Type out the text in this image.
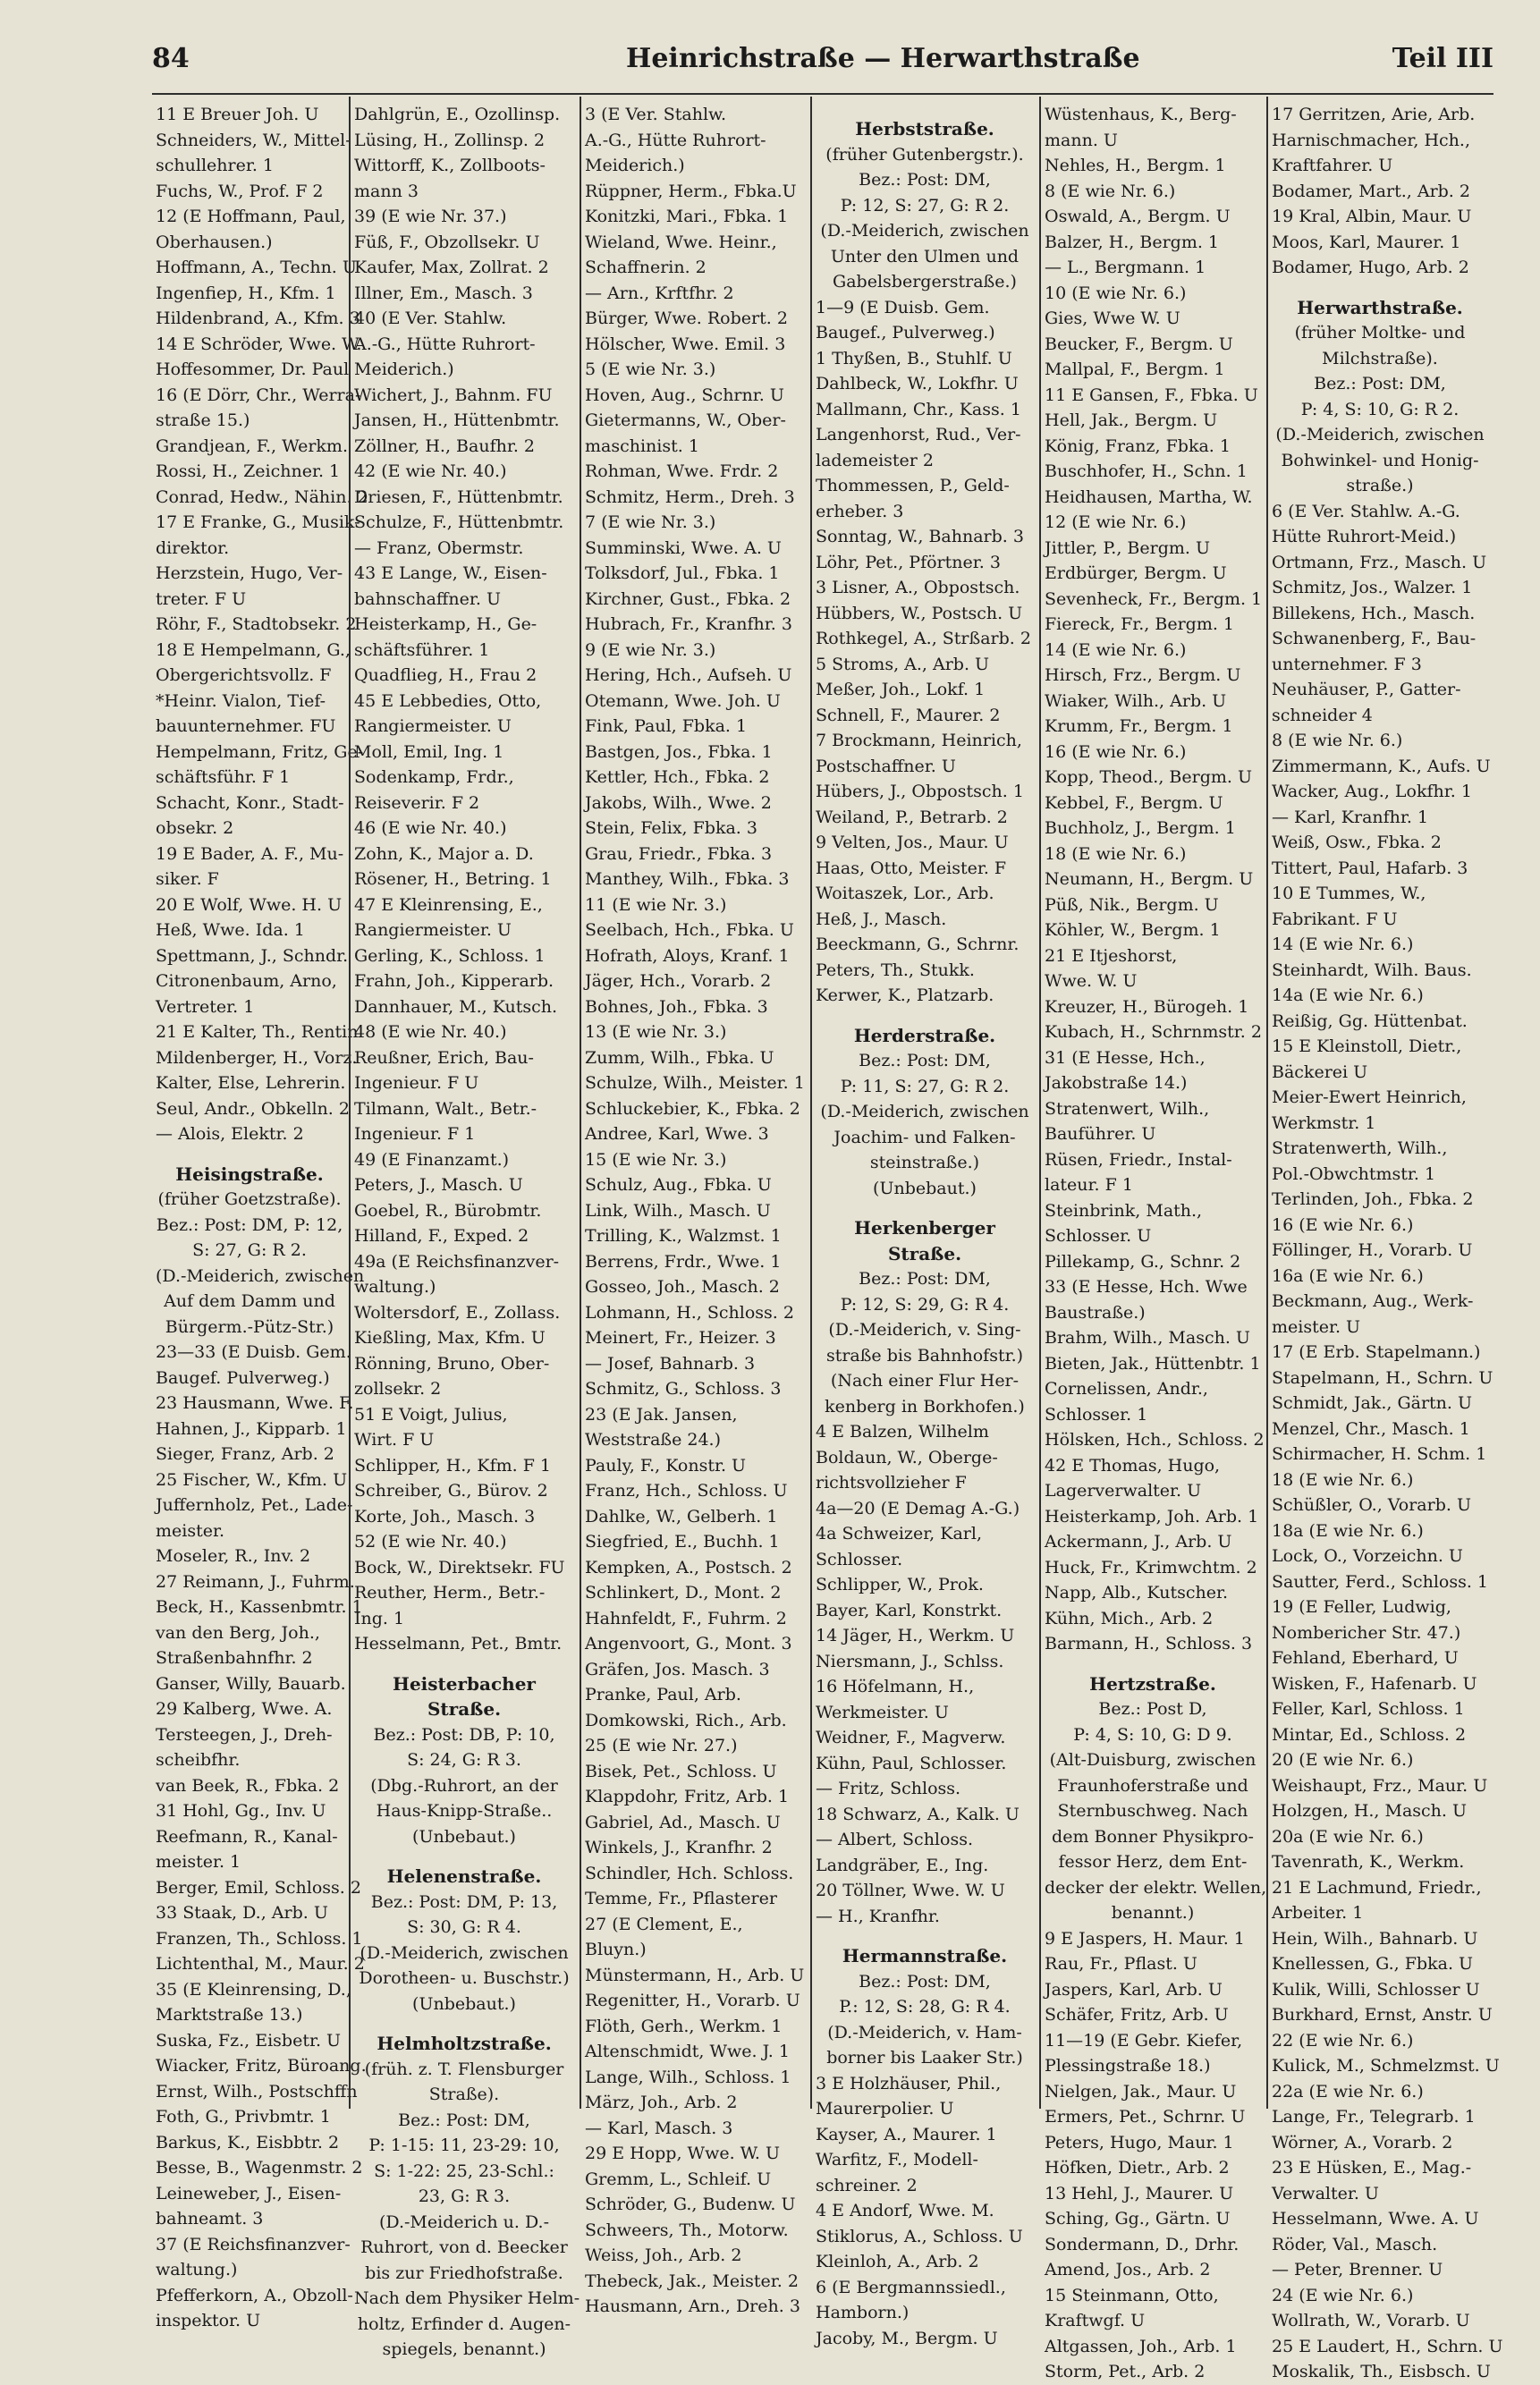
84	Heinrichstraße — Herwarthstraße	Teil III
11 E Breuer Joh. U
Schneiders, W., Mittel-
schullehrer. 1
Fuchs, W., Prof. F 2
12 (E Hoffmann, Paul,
Oberhausen.)
Hoffmann, A., Techn. U
Ingenfiep, H., Kfm. 1
Hildenbrand, A., Kfm. 3
14 E Schröder, Wwe. W.
Hoffesommer, Dr. Paul
16 (E Dörr, Chr., Werra-
straße 15.)
Grandjean, F., Werkm.
Rossi, H., Zeichner. 1
Conrad, Hedw., Nähin. 2
17 E Franke, G., Musik-
direktor.
Herzstein, Hugo, Ver-
treter. F U
Röhr, F., Stadtobsekr. 2
18 E Hempelmann, G.,
Obergerichtsvollz. F
*Heinr. Vialon, Tief-
bauunternehmer. FU
Hempelmann, Fritz, Ge-
schäftsführ. F 1
Schacht, Konr., Stadt-
obsekr. 2
19 E Bader, A. F., Mu-
siker. F
20 E Wolf, Wwe. H. U
Heß, Wwe. Ida. 1
Spettmann, J., Schndr.
Citronenbaum, Arno,
Vertreter. 1
21 E Kalter, Th., Rentin
Mildenberger, H., Vorz.
Kalter, Else, Lehrerin.
Seul, Andr., Obkelln. 2
— Alois, Elektr. 2
Heisingstraße.
(früher Goetzstraße).
Bez.: Post: DM, P: 12,
S: 27, G: R 2.
(D.-Meiderich, zwischen
Auf dem Damm und
Bürgerm.-Pütz-Str.)
23—33 (E Duisb. Gem.
Baugef. Pulverweg.)
23 Hausmann, Wwe. F.
Hahnen, J., Kipparb. 1
Sieger, Franz, Arb. 2
25 Fischer, W., Kfm. U
Juffernholz, Pet., Lade-
meister.
Moseler, R., Inv. 2
27 Reimann, J., Fuhrm.
Beck, H., Kassenbmtr. 1
van den Berg, Joh.,
Straßenbahnfhr. 2
Ganser, Willy, Bauarb.
29 Kalberg, Wwe. A.
Tersteegen, J., Dreh-
scheibfhr.
van Beek, R., Fbka. 2
31 Hohl, Gg., Inv. U
Reefmann, R., Kanal-
meister. 1
Berger, Emil, Schloss. 2
33 Staak, D., Arb. U
Franzen, Th., Schloss. 1
Lichtenthal, M., Maur. 2
35 (E Kleinrensing, D.,
Marktstraße 13.)
Suska, Fz., Eisbetr. U
Wiacker, Fritz, Büroang.
Ernst, Wilh., Postschffn
Foth, G., Privbmtr. 1
Barkus, K., Eisbbtr. 2
Besse, B., Wagenmstr. 2
Leineweber, J., Eisen-
bahneamt. 3
37 (E Reichsfinanzver-
waltung.)
Pfefferkorn, A., Obzoll-
inspektor. U
Dahlgrün, E., Ozollinsp.
Lüsing, H., Zollinsp. 2
Wittorff, K., Zollboots-
mann 3
39 (E wie Nr. 37.)
Füß, F., Obzollsekr. U
Kaufer, Max, Zollrat. 2
Illner, Em., Masch. 3
40 (E Ver. Stahlw.
A.-G., Hütte Ruhrort-
Meiderich.)
Wichert, J., Bahnm. FU
Jansen, H., Hüttenbmtr.
Zöllner, H., Baufhr. 2
42 (E wie Nr. 40.)
Driesen, F., Hüttenbmtr.
Schulze, F., Hüttenbmtr.
— Franz, Obermstr.
43 E Lange, W., Eisen-
bahnschaffner. U
Heisterkamp, H., Ge-
schäftsführer. 1
Quadflieg, H., Frau 2
45 E Lebbedies, Otto,
Rangiermeister. U
Moll, Emil, Ing. 1
Sodenkamp, Frdr.,
Reiseverir. F 2
46 (E wie Nr. 40.)
Zohn, K., Major a. D.
Rösener, H., Betring. 1
47 E Kleinrensing, E.,
Rangiermeister. U
Gerling, K., Schloss. 1
Frahn, Joh., Kipperarb.
Dannhauer, M., Kutsch.
48 (E wie Nr. 40.)
Reußner, Erich, Bau-
Ingenieur. F U
Tilmann, Walt., Betr.-
Ingenieur. F 1
49 (E Finanzamt.)
Peters, J., Masch. U
Goebel, R., Bürobmtr.
Hilland, F., Exped. 2
49a (E Reichsfinanzver-
waltung.)
Woltersdorf, E., Zollass.
Kießling, Max, Kfm. U
Rönning, Bruno, Ober-
zollsekr. 2
51 E Voigt, Julius,
Wirt. F U
Schlipper, H., Kfm. F 1
Schreiber, G., Bürov. 2
Korte, Joh., Masch. 3
52 (E wie Nr. 40.)
Bock, W., Direktsekr. FU
Reuther, Herm., Betr.-
Ing. 1
Hesselmann, Pet., Bmtr.
Heisterbacher Straße.
Bez.: Post: DB, P: 10,
S: 24, G: R 3.
(Dbg.-Ruhrort, an der
Haus-Knipp-Straße..
(Unbebaut.)
Helenenstraße.
Bez.: Post: DM, P: 13,
S: 30, G: R 4.
(D.-Meiderich, zwischen
Dorotheen- u. Buschstr.)
(Unbebaut.)
Helmholtzstraße.
(früh. z. T. Flensburger
Straße).
Bez.: Post: DM,
P: 1-15: 11, 23-29: 10,
S: 1-22: 25, 23-Schl.:
23, G: R 3.
(D.-Meiderich u. D.-
Ruhrort, von d. Beecker
bis zur Friedhofstraße.
Nach dem Physiker Helm-
holtz, Erfinder d. Augen-
spiegels, benannt.)
3 (E Ver. Stahlw.
A.-G., Hütte Ruhrort-
Meiderich.)
Rüppner, Herm., Fbka.U
Konitzki, Mari., Fbka. 1
Wieland, Wwe. Heinr.,
Schaffnerin. 2
— Arn., Krftfhr. 2
Bürger, Wwe. Robert. 2
Hölscher, Wwe. Emil. 3
5 (E wie Nr. 3.)
Hoven, Aug., Schrnr. U
Gietermanns, W., Ober-
maschinist. 1
Rohman, Wwe. Frdr. 2
Schmitz, Herm., Dreh. 3
7 (E wie Nr. 3.)
Summinski, Wwe. A. U
Tolksdorf, Jul., Fbka. 1
Kirchner, Gust., Fbka. 2
Hubrach, Fr., Kranfhr. 3
9 (E wie Nr. 3.)
Hering, Hch., Aufseh. U
Otemann, Wwe. Joh. U
Fink, Paul, Fbka. 1
Bastgen, Jos., Fbka. 1
Kettler, Hch., Fbka. 2
Jakobs, Wilh., Wwe. 2
Stein, Felix, Fbka. 3
Grau, Friedr., Fbka. 3
Manthey, Wilh., Fbka. 3
11 (E wie Nr. 3.)
Seelbach, Hch., Fbka. U
Hofrath, Aloys, Kranf. 1
Jäger, Hch., Vorarb. 2
Bohnes, Joh., Fbka. 3
13 (E wie Nr. 3.)
Zumm, Wilh., Fbka. U
Schulze, Wilh., Meister. 1
Schluckebier, K., Fbka. 2
Andree, Karl, Wwe. 3
15 (E wie Nr. 3.)
Schulz, Aug., Fbka. U
Link, Wilh., Masch. U
Trilling, K., Walzmst. 1
Berrens, Frdr., Wwe. 1
Gosseo, Joh., Masch. 2
Lohmann, H., Schloss. 2
Meinert, Fr., Heizer. 3
— Josef, Bahnarb. 3
Schmitz, G., Schloss. 3
23 (E Jak. Jansen,
Weststraße 24.)
Pauly, F., Konstr. U
Franz, Hch., Schloss. U
Dahlke, W., Gelberh. 1
Siegfried, E., Buchh. 1
Kempken, A., Postsch. 2
Schlinkert, D., Mont. 2
Hahnfeldt, F., Fuhrm. 2
Angenvoort, G., Mont. 3
Gräfen, Jos. Masch. 3
Pranke, Paul, Arb.
Domkowski, Rich., Arb.
25 (E wie Nr. 27.)
Bisek, Pet., Schloss. U
Klappdohr, Fritz, Arb. 1
Gabriel, Ad., Masch. U
Winkels, J., Kranfhr. 2
Schindler, Hch. Schloss.
Temme, Fr., Pflasterer
27 (E Clement, E.,
Bluyn.)
Münstermann, H., Arb. U
Regenitter, H., Vorarb. U
Flöth, Gerh., Werkm. 1
Altenschmidt, Wwe. J. 1
Lange, Wilh., Schloss. 1
März, Joh., Arb. 2
— Karl, Masch. 3
29 E Hopp, Wwe. W. U
Gremm, L., Schleif. U
Schröder, G., Budenw. U
Schweers, Th., Motorw.
Weiss, Joh., Arb. 2
Thebeck, Jak., Meister. 2
Hausmann, Arn., Dreh. 3
Herbststraße.
(früher Gutenbergstr.).
Bez.: Post: DM,
P: 12, S: 27, G: R 2.
(D.-Meiderich, zwischen
Unter den Ulmen und
Gabelsbergerstraße.)
1—9 (E Duisb. Gem.
Baugef., Pulverweg.)
1 Thyßen, B., Stuhlf. U
Dahlbeck, W., Lokfhr. U
Mallmann, Chr., Kass. 1
Langenhorst, Rud., Ver-
lademeister 2
Thommessen, P., Geld-
erheber. 3
Sonntag, W., Bahnarb. 3
Löhr, Pet., Pförtner. 3
3 Lisner, A., Obpostsch.
Hübbers, W., Postsch. U
Rothkegel, A., Strßarb. 2
5 Stroms, A., Arb. U
Meßer, Joh., Lokf. 1
Schnell, F., Maurer. 2
7 Brockmann, Heinrich,
Postschaffner. U
Hübers, J., Obpostsch. 1
Weiland, P., Betrarb. 2
9 Velten, Jos., Maur. U
Haas, Otto, Meister. F
Woitaszek, Lor., Arb.
Heß, J., Masch.
Beeckmann, G., Schrnr.
Peters, Th., Stukk.
Kerwer, K., Platzarb.
Herderstraße.
Bez.: Post: DM,
P: 11, S: 27, G: R 2.
(D.-Meiderich, zwischen
Joachim- und Falken-
steinstraße.)
(Unbebaut.)
Herkenberger Straße.
Bez.: Post: DM,
P: 12, S: 29, G: R 4.
(D.-Meiderich, v. Sing-
straße bis Bahnhofstr.)
(Nach einer Flur Her-
kenberg in Borkhofen.)
4 E Balzen, Wilhelm
Boldaun, W., Oberge-
richtsvollzieher F
4a—20 (E Demag A.-G.)
4a Schweizer, Karl,
Schlosser.
Schlipper, W., Prok.
Bayer, Karl, Konstrkt.
14 Jäger, H., Werkm. U
Niersmann, J., Schlss.
16 Höfelmann, H.,
Werkmeister. U
Weidner, F., Magverw.
Kühn, Paul, Schlosser.
— Fritz, Schloss.
18 Schwarz, A., Kalk. U
— Albert, Schloss.
Landgräber, E., Ing.
20 Töllner, Wwe. W. U
— H., Kranfhr.
Hermannstraße.
Bez.: Post: DM,
P.: 12, S: 28, G: R 4.
(D.-Meiderich, v. Ham-
borner bis Laaker Str.)
3 E Holzhäuser, Phil.,
Maurerpolier. U
Kayser, A., Maurer. 1
Warfitz, F., Modell-
schreiner. 2
4 E Andorf, Wwe. M.
Stiklorus, A., Schloss. U
Kleinloh, A., Arb. 2
6 (E Bergmannssiedl.,
Hamborn.)
Jacoby, M., Bergm. U
Wüstenhaus, K., Berg-
mann. U
Nehles, H., Bergm. 1
8 (E wie Nr. 6.)
Oswald, A., Bergm. U
Balzer, H., Bergm. 1
— L., Bergmann. 1
10 (E wie Nr. 6.)
Gies, Wwe W. U
Beucker, F., Bergm. U
Mallpal, F., Bergm. 1
11 E Gansen, F., Fbka. U
Hell, Jak., Bergm. U
König, Franz, Fbka. 1
Buschhofer, H., Schn. 1
Heidhausen, Martha, W.
12 (E wie Nr. 6.)
Jittler, P., Bergm. U
Erdbürger, Bergm. U
Sevenheck, Fr., Bergm. 1
Fiereck, Fr., Bergm. 1
14 (E wie Nr. 6.)
Hirsch, Frz., Bergm. U
Wiaker, Wilh., Arb. U
Krumm, Fr., Bergm. 1
16 (E wie Nr. 6.)
Kopp, Theod., Bergm. U
Kebbel, F., Bergm. U
Buchholz, J., Bergm. 1
18 (E wie Nr. 6.)
Neumann, H., Bergm. U
Püß, Nik., Bergm. U
Köhler, W., Bergm. 1
21 E Itjeshorst,
Wwe. W. U
Kreuzer, H., Bürogeh. 1
Kubach, H., Schrnmstr. 2
31 (E Hesse, Hch.,
Jakobstraße 14.)
Stratenwert, Wilh.,
Bauführer. U
Rüsen, Friedr., Instal-
lateur. F 1
Steinbrink, Math.,
Schlosser. U
Pillekamp, G., Schnr. 2
33 (E Hesse, Hch. Wwe
Baustraße.)
Brahm, Wilh., Masch. U
Bieten, Jak., Hüttenbtr. 1
Cornelissen, Andr.,
Schlosser. 1
Hölsken, Hch., Schloss. 2
42 E Thomas, Hugo,
Lagerverwalter. U
Heisterkamp, Joh. Arb. 1
Ackermann, J., Arb. U
Huck, Fr., Krimwchtm. 2
Napp, Alb., Kutscher.
Kühn, Mich., Arb. 2
Barmann, H., Schloss. 3
Hertzstraße.
Bez.: Post D,
P: 4, S: 10, G: D 9.
(Alt-Duisburg, zwischen
Fraunhoferstraße und
Sternbuschweg. Nach
dem Bonner Physikpro-
fessor Herz, dem Ent-
decker der elektr. Wellen,
benannt.)
9 E Jaspers, H. Maur. 1
Rau, Fr., Pflast. U
Jaspers, Karl, Arb. U
Schäfer, Fritz, Arb. U
11—19 (E Gebr. Kiefer,
Plessingstraße 18.)
Nielgen, Jak., Maur. U
Ermers, Pet., Schrnr. U
Peters, Hugo, Maur. 1
Höfken, Dietr., Arb. 2
13 Hehl, J., Maurer. U
Sching, Gg., Gärtn. U
Sondermann, D., Drhr.
Amend, Jos., Arb. 2
15 Steinmann, Otto,
Kraftwgf. U
Altgassen, Joh., Arb. 1
Storm, Pet., Arb. 2
17 Gerritzen, Arie, Arb.
Harnischmacher, Hch.,
Kraftfahrer. U
Bodamer, Mart., Arb. 2
19 Kral, Albin, Maur. U
Moos, Karl, Maurer. 1
Bodamer, Hugo, Arb. 2
Herwarthstraße.
(früher Moltke- und
Milchstraße).
Bez.: Post: DM,
P: 4, S: 10, G: R 2.
(D.-Meiderich, zwischen
Bohwinkel- und Honig-
straße.)
6 (E Ver. Stahlw. A.-G.
Hütte Ruhrort-Meid.)
Ortmann, Frz., Masch. U
Schmitz, Jos., Walzer. 1
Billekens, Hch., Masch.
Schwanenberg, F., Bau-
unternehmer. F 3
Neuhäuser, P., Gatter-
schneider 4
8 (E wie Nr. 6.)
Zimmermann, K., Aufs. U
Wacker, Aug., Lokfhr. 1
— Karl, Kranfhr. 1
Weiß, Osw., Fbka. 2
Tittert, Paul, Hafarb. 3
10 E Tummes, W.,
Fabrikant. F U
14 (E wie Nr. 6.)
Steinhardt, Wilh. Baus.
14a (E wie Nr. 6.)
Reißig, Gg. Hüttenbat.
15 E Kleinstoll, Dietr.,
Bäckerei U
Meier-Ewert Heinrich,
Werkmstr. 1
Stratenwerth, Wilh.,
Pol.-Obwchtmstr. 1
Terlinden, Joh., Fbka. 2
16 (E wie Nr. 6.)
Föllinger, H., Vorarb. U
16a (E wie Nr. 6.)
Beckmann, Aug., Werk-
meister. U
17 (E Erb. Stapelmann.)
Stapelmann, H., Schrn. U
Schmidt, Jak., Gärtn. U
Menzel, Chr., Masch. 1
Schirmacher, H. Schm. 1
18 (E wie Nr. 6.)
Schüßler, O., Vorarb. U
18a (E wie Nr. 6.)
Lock, O., Vorzeichn. U
Sautter, Ferd., Schloss. 1
19 (E Feller, Ludwig,
Nombericher Str. 47.)
Fehland, Eberhard, U
Wisken, F., Hafenarb. U
Feller, Karl, Schloss. 1
Mintar, Ed., Schloss. 2
20 (E wie Nr. 6.)
Weishaupt, Frz., Maur. U
Holzgen, H., Masch. U
20a (E wie Nr. 6.)
Tavenrath, K., Werkm.
21 E Lachmund, Friedr.,
Arbeiter. 1
Hein, Wilh., Bahnarb. U
Knellessen, G., Fbka. U
Kulik, Willi, Schlosser U
Burkhard, Ernst, Anstr. U
22 (E wie Nr. 6.)
Kulick, M., Schmelzmst. U
22a (E wie Nr. 6.)
Lange, Fr., Telegrarb. 1
Wörner, A., Vorarb. 2
23 E Hüsken, E., Mag.-
Verwalter. U
Hesselmann, Wwe. A. U
Röder, Val., Masch.
— Peter, Brenner. U
24 (E wie Nr. 6.)
Wollrath, W., Vorarb. U
25 E Laudert, H., Schrn. U
Moskalik, Th., Eisbsch. U
